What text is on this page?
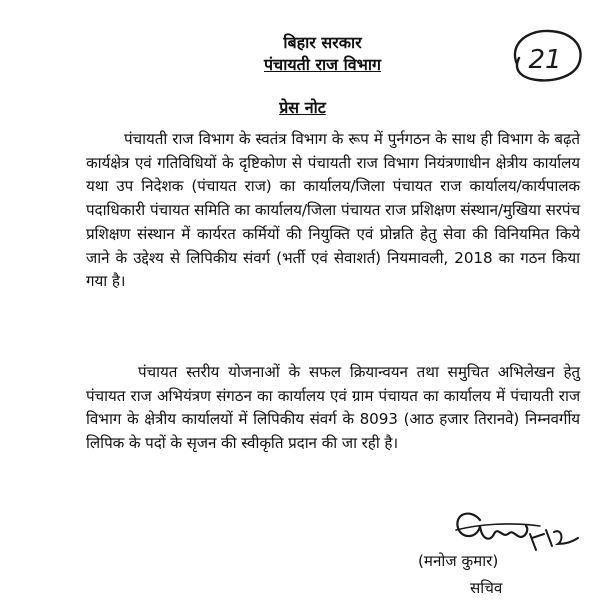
बिहार सरकार
पंचायती राज विभाग	21
प्रेस नोट

पंचायती राज विभाग के स्वतंत्र विभाग के रूप में पुर्नगठन के साथ ही विभाग के बढ़ते कार्यक्षेत्र एवं गतिविधियों के दृष्टिकोण से पंचायती राज विभाग नियंत्रणाधीन क्षेत्रीय कार्यालय यथा उप निदेशक (पंचायत राज) का कार्यालय/जिला पंचायत राज कार्यालय/कार्यपालक पदाधिकारी पंचायत समिति का कार्यालय/जिला पंचायत राज प्रशिक्षण संस्थान/मुखिया सरपंच प्रशिक्षण संस्थान में कार्यरत कर्मियों की नियुक्ति एवं प्रोन्नति हेतु सेवा की विनियमित किये जाने के उद्देश्य से लिपिकीय संवर्ग (भर्ती एवं सेवाशर्त) नियमावली, 2018 का गठन किया गया है।

पंचायत स्तरीय योजनाओं के सफल क्रियान्वयन तथा समुचित अभिलेखन हेतु पंचायत राज अभियंत्रण संगठन का कार्यालय एवं ग्राम पंचायत का कार्यालय में पंचायती राज विभाग के क्षेत्रीय कार्यालयों में लिपिकीय संवर्ग के 8093 (आठ हजार तिरानवे) निम्नवर्गीय लिपिक के पदों के सृजन की स्वीकृति प्रदान की जा रही है।

(मनोज कुमार)
सचिव
